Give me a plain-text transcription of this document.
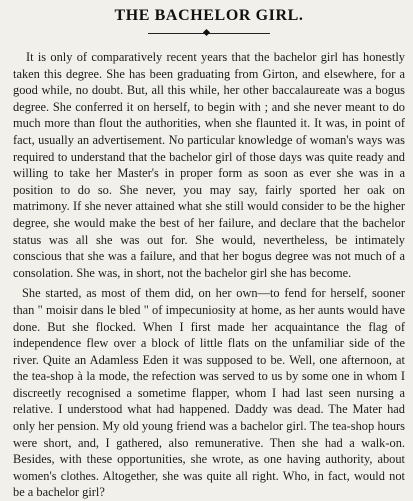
THE BACHELOR GIRL.

It is only of comparatively recent years that the bachelor girl has honestly taken this degree. She has been graduating from Girton, and elsewhere, for a good while, no doubt. But, all this while, her other baccalaureate was a bogus degree. She conferred it on herself, to begin with ; and she never meant to do much more than flout the authorities, when she flaunted it. It was, in point of fact, usually an advertisement. No particular knowledge of woman's ways was required to understand that the bachelor girl of those days was quite ready and willing to take her Master's in proper form as soon as ever she was in a position to do so. She never, you may say, fairly sported her oak on matrimony. If she never attained what she still would consider to be the higher degree, she would make the best of her failure, and declare that the bachelor status was all she was out for. She would, nevertheless, be intimately conscious that she was a failure, and that her bogus degree was not much of a consolation. She was, in short, not the bachelor girl she has become.

She started, as most of them did, on her own—to fend for herself, sooner than " moisir dans le bled " of impecuniosity at home, as her aunts would have done. But she flocked. When I first made her acquaintance the flag of independence flew over a block of little flats on the unfamiliar side of the river. Quite an Adamless Eden it was supposed to be. Well, one afternoon, at the tea-shop à la mode, the refection was served to us by some one in whom I discreetly recognised a sometime flapper, whom I had last seen nursing a relative. I understood what had happened. Daddy was dead. The Mater had only her pension. My old young friend was a bachelor girl. The tea-shop hours were short, and, I gathered, also remunerative. Then she had a walk-on. Besides, with these opportunities, she wrote, as one having authority, about women's clothes. Altogether, she was quite all right. Who, in fact, would not be a bachelor girl?
